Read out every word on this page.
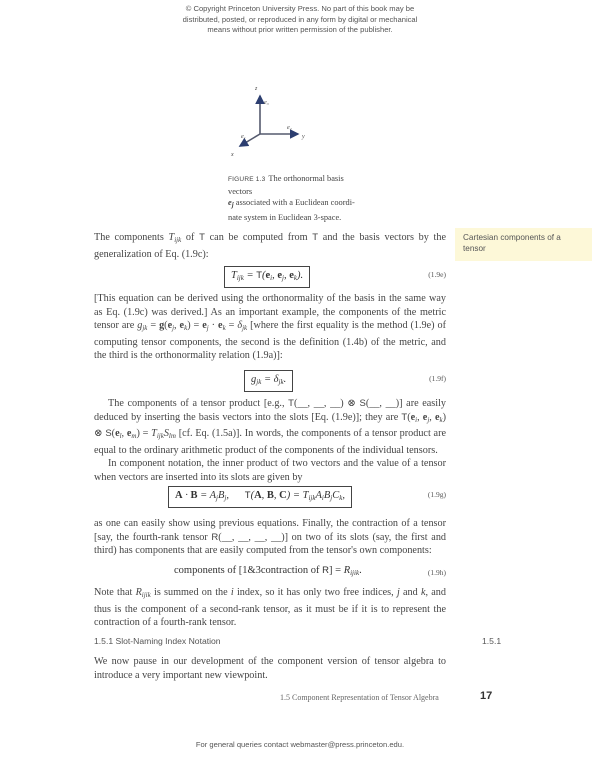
© Copyright Princeton University Press. No part of this book may be
distributed, posted, or reproduced in any form by digital or mechanical
means without prior written permission of the publisher.
z
e₃
e₂
y
e₁
x
FIGURE 1.3 The orthonormal basis vectors
$e_j$ associated with a Euclidean coordi-
nate system in Euclidean 3-space.
Cartesian components of a tensor

The components $T_{ijk}$ of T can be computed from T and the basis vectors by the generalization of Eq. (1.9c):

$T_{ijk} = T(e_i$, $e_j$, $e_k$).	(1.9e)

[This equation can be derived using the orthonormality of the basis in the same way as Eq. (1.9c) was derived.] As an important example, the components of the metric tensor are $g_{jk} = g(e_j$, $e_k) = e_j \cdot e_k = \delta_{jk}$ [where the first equality is the method (1.9e) of computing tensor components, the second is the definition (1.4b) of the metric, and the third is the orthonormality relation (1.9a)]:

$g_{jk} = \delta_{jk}$.	(1.9f)

The components of a tensor product [e.g., T(__, __, __) ⊗ S(__, __)] are easily deduced by inserting the basis vectors into the slots [Eq. (1.9e)]; they are $T(e_i$, $e_j$, $e_k$) ⊗ $S(e_l$, $e_m) = T_{ijk}S_{lm}$ [cf. Eq. (1.5a)]. In words, the components of a tensor product are equal to the ordinary arithmetic product of the components of the individual tensors.

In component notation, the inner product of two vectors and the value of a tensor when vectors are inserted into its slots are given by

$A \cdot B = A_jB_j$,      T(A, B, $C) = T_{ijk}A_iB_jC_k$,	(1.9g)

as one can easily show using previous equations. Finally, the contraction of a tensor [say, the fourth-rank tensor R(__, __, __, __)] on two of its slots (say, the first and third) has components that are easily computed from the tensor's own components:

components of [1&3contraction of $R] = R_{ijik}$.	(1.9h)

Note that $R_{ijik}$ is summed on the i index, so it has only two free indices, j and k, and thus is the component of a second-rank tensor, as it must be if it is to represent the contraction of a fourth-rank tensor.

1.5.1 Slot-Naming Index Notation	1.5.1

We now pause in our development of the component version of tensor algebra to introduce a very important new viewpoint.

1.5 Component Representation of Tensor Algebra	17
For general queries contact webmaster@press.princeton.edu.
